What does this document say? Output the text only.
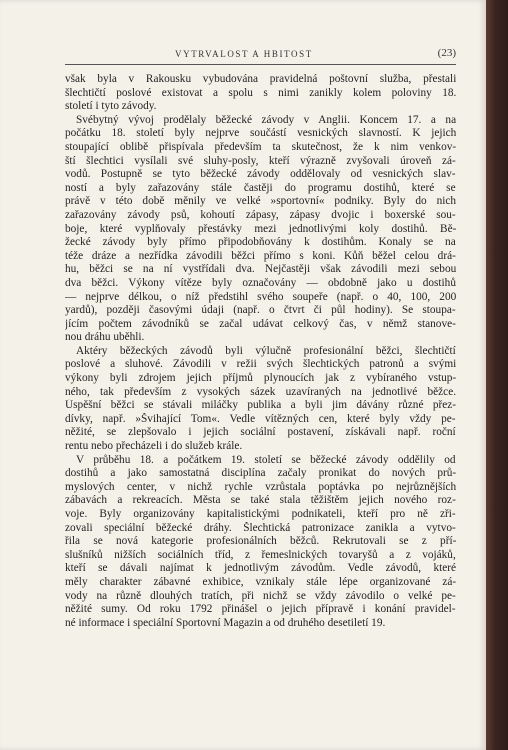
VYTRVALOST A HBITOST	(23)
však byla v Rakousku vybudována pravidelná poštovní služba, přestali
šlechtičtí poslové existovat a spolu s nimi zanikly kolem poloviny 18.
století i tyto závody.
Svébytný vývoj prodělaly běžecké závody v Anglii. Koncem 17. a na
počátku 18. století byly nejprve součástí vesnických slavností. K jejich
stoupající oblibě přispívala především ta skutečnost, že k nim venkov-
ští šlechtici vysílali své sluhy-posly, kteří výrazně zvyšovali úroveň zá-
vodů. Postupně se tyto běžecké závody oddělovaly od vesnických slav-
ností a byly zařazovány stále častěji do programu dostihů, které se
právě v této době měnily ve velké »sportovní« podniky. Byly do nich
zařazovány závody psů, kohoutí zápasy, zápasy dvojic i boxerské sou-
boje, které vyplňovaly přestávky mezi jednotlivými koly dostihů. Bě-
žecké závody byly přímo připodobňovány k dostihům. Konaly se na
téže dráze a nezřídka závodili běžci přímo s koni. Kůň běžel celou drá-
hu, běžci se na ní vystřídali dva. Nejčastěji však závodili mezi sebou
dva běžci. Výkony vítěze byly označovány — obdobně jako u dostihů
— nejprve délkou, o níž předstihl svého soupeře (např. o 40, 100, 200
yardů), později časovými údaji (např. o čtvrt či půl hodiny). Se stoupa-
jícím počtem závodníků se začal udávat celkový čas, v němž stanove-
nou dráhu uběhli.
Aktéry běžeckých závodů byli výlučně profesionální běžci, šlechtičtí
poslové a sluhové. Závodili v režii svých šlechtických patronů a svými
výkony byli zdrojem jejich příjmů plynoucích jak z vybíraného vstup-
ného, tak především z vysokých sázek uzavíraných na jednotlivé běžce.
Úspěšní běžci se stávali miláčky publika a byli jim dávány různé přez-
dívky, např. »Švihající Tom«. Vedle vítězných cen, které byly vždy pe-
něžité, se zlepšovalo i jejich sociální postavení, získávali např. roční
rentu nebo přecházeli i do služeb krále.
V průběhu 18. a počátkem 19. století se běžecké závody oddělily od
dostihů a jako samostatná disciplína začaly pronikat do nových prů-
myslových center, v nichž rychle vzrůstala poptávka po nejrůznějších
zábavách a rekreacích. Města se také stala těžištěm jejich nového roz-
voje. Byly organizovány kapitalistickými podnikateli, kteří pro ně zři-
zovali speciální běžecké dráhy. Šlechtická patronizace zanikla a vytvo-
řila se nová kategorie profesionálních běžců. Rekrutovali se z pří-
slušníků nižších sociálních tříd, z řemeslnických tovaryšů a z vojáků,
kteří se dávali najímat k jednotlivým závodům. Vedle závodů, které
měly charakter zábavné exhibice, vznikaly stále lépe organizované zá-
vody na různě dlouhých tratích, při nichž se vždy závodilo o velké pe-
něžité sumy. Od roku 1792 přinášel o jejich přípravě i konání pravidel-
né informace i speciální Sportovní Magazin a od druhého desetiletí 19.
